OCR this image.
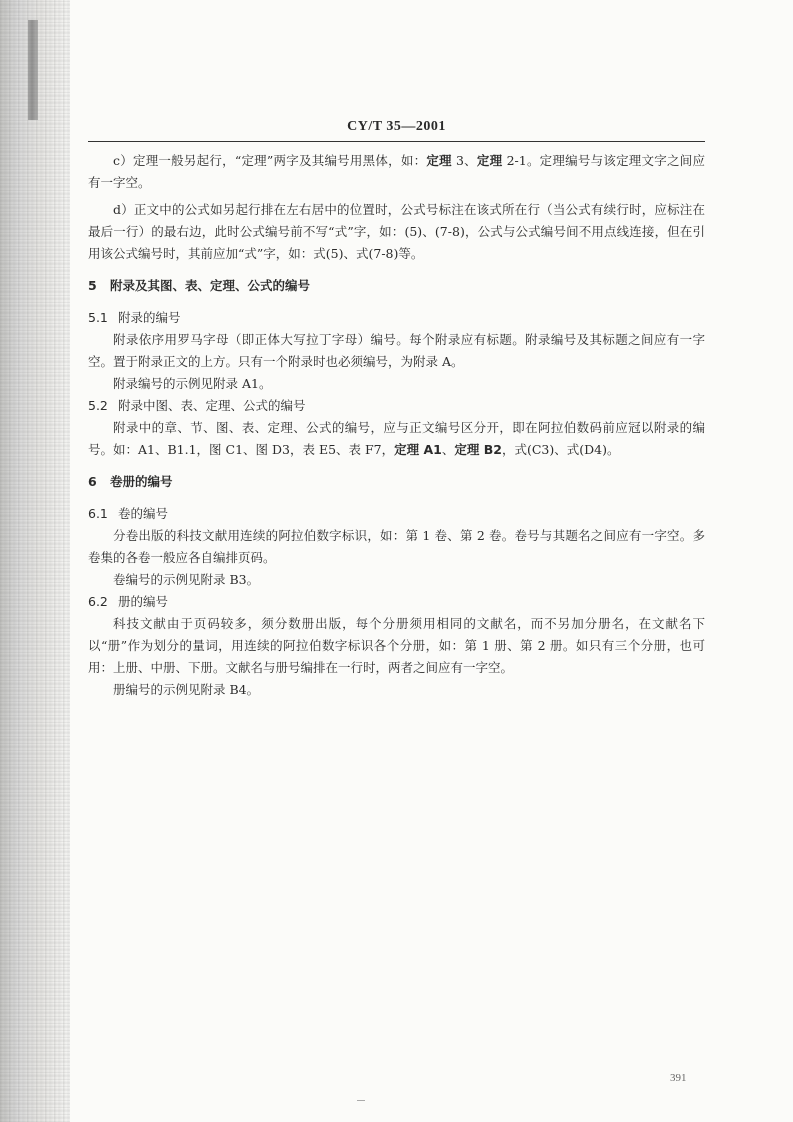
CY/T 35—2001

c）定理一般另起行，“定理”两字及其编号用黑体，如：定理 3、定理 2-1。定理编号与该定理文字之间应有一字空。

d）正文中的公式如另起行排在左右居中的位置时，公式号标注在该式所在行（当公式有续行时，应标注在最后一行）的最右边，此时公式编号前不写“式”字，如：(5)、(7-8)，公式与公式编号间不用点线连接，但在引用该公式编号时，其前应加“式”字，如：式(5)、式(7-8)等。

5 附录及其图、表、定理、公式的编号

5.1 附录的编号

附录依序用罗马字母（即正体大写拉丁字母）编号。每个附录应有标题。附录编号及其标题之间应有一字空。置于附录正文的上方。只有一个附录时也必须编号，为附录 A。

附录编号的示例见附录 A1。

5.2 附录中图、表、定理、公式的编号

附录中的章、节、图、表、定理、公式的编号，应与正文编号区分开，即在阿拉伯数码前应冠以附录的编号。如：A1、B1.1，图 C1、图 D3，表 E5、表 F7，定理 A1、定理 B2，式(C3)、式(D4)。

6 卷册的编号

6.1 卷的编号

分卷出版的科技文献用连续的阿拉伯数字标识，如：第 1 卷、第 2 卷。卷号与其题名之间应有一字空。多卷集的各卷一般应各自编排页码。

卷编号的示例见附录 B3。

6.2 册的编号

科技文献由于页码较多，须分数册出版，每个分册须用相同的文献名，而不另加分册名，在文献名下以“册”作为划分的量词，用连续的阿拉伯数字标识各个分册，如：第 1 册、第 2 册。如只有三个分册，也可用：上册、中册、下册。文献名与册号编排在一行时，两者之间应有一字空。

册编号的示例见附录 B4。

391
